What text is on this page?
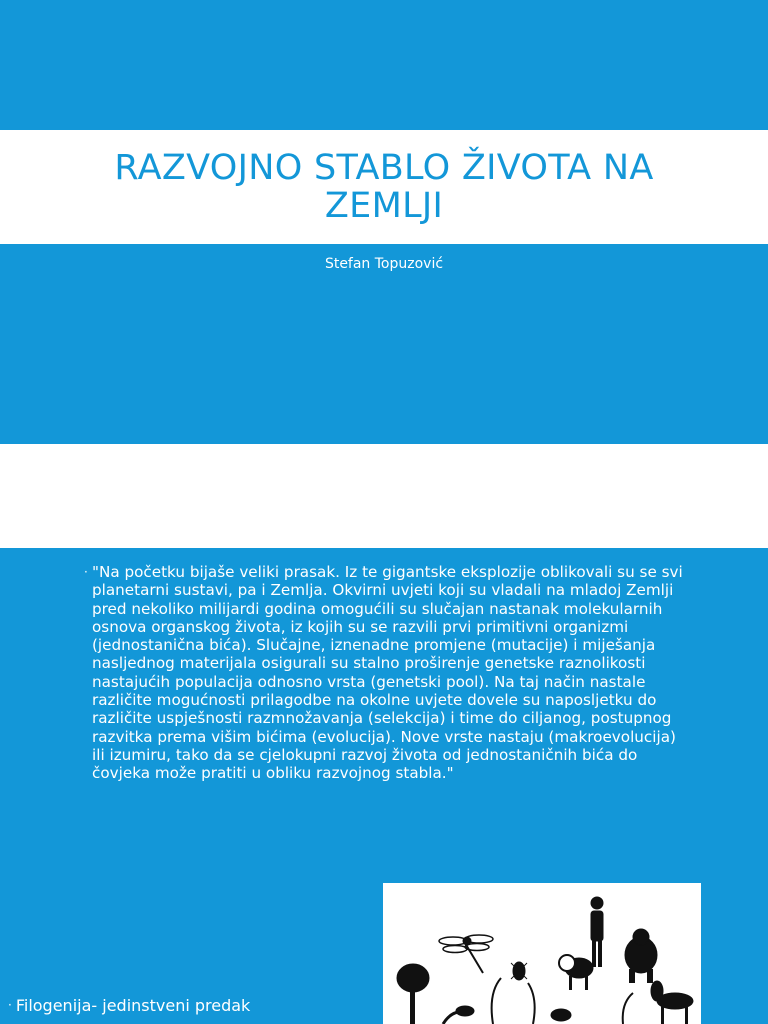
RAZVOJNO STABLO ŽIVOTA NA ZEMLJI
Stefan Topuzović
· "Na početku bijaše veliki prasak. Iz te gigantske eksplozije oblikovali su se svi planetarni sustavi, pa i Zemlja. Okvirni uvjeti koji su vladali na mladoj Zemlji pred nekoliko milijardi godina omogućili su slučajan nastanak molekularnih osnova organskog života, iz kojih su se razvili prvi primitivni organizmi (jednostanična bića). Slučajne, iznenadne promjene (mutacije) i miješanja nasljednog materijala osigurali su stalno proširenje genetske raznolikosti nastajućih populacija odnosno vrsta (genetski pool). Na taj način nastale različite mogućnosti prilagodbe na okolne uvjete dovele su naposljetku do različite uspješnosti razmnožavanja (selekcija) i time do ciljanog, postupnog razvitka prema višim bićima (evolucija). Nove vrste nastaju (makroevolucija) ili izumiru, tako da se cjelokupni razvoj života od jednostaničnih bića do čovjeka može pratiti u obliku razvojnog stabla."

· Filogenija- jedinstveni predak
